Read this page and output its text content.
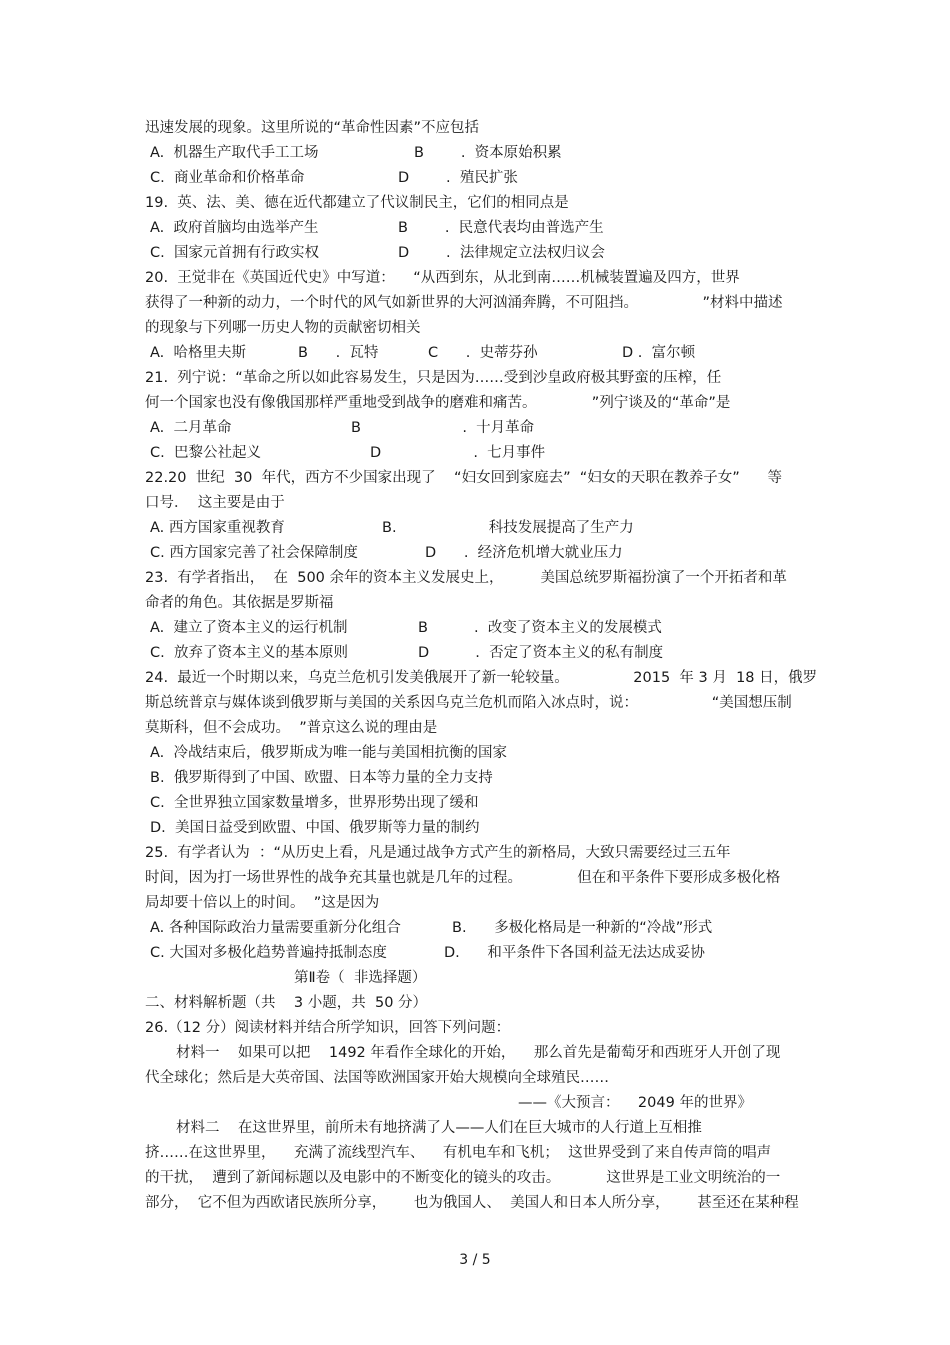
迅速发展的现象。这里所说的“革命性因素”不应包括
A.  机器生产取代手工工场	B        .  资本原始积累
C.  商业革命和价格革命	D        .  殖民扩张
19.  英、法、美、德在近代都建立了代议制民主，它们的相同点是
A.  政府首脑均由选举产生	B        .  民意代表均由普选产生
C.  国家元首拥有行政实权	D        .  法律规定立法权归议会
20.  王觉非在《英国近代史》中写道：    “从西到东，从北到南……机械装置遍及四方，世界
获得了一种新的动力，一个时代的风气如新世界的大河汹涌奔腾，不可阻挡。              ”材料中描述
的现象与下列哪一历史人物的贡献密切相关
A.  哈格里夫斯	B      .  瓦特	C      .  史蒂芬孙	D .  富尔顿
21.  列宁说：“革命之所以如此容易发生，只是因为……受到沙皇政府极其野蛮的压榨，任
何一个国家也没有像俄国那样严重地受到战争的磨难和痛苦。            ”列宁谈及的“革命”是
A.  二月革命	B                      .  十月革命
C.  巴黎公社起义	D                    .  七月事件
22.20  世纪  30  年代，西方不少国家出现了    “妇女回到家庭去”  “妇女的天职在教养子女”      等
口号．  这主要是由于
A. 西方国家重视教育	B.                    科技发展提高了生产力
C. 西方国家完善了社会保障制度	D      .  经济危机增大就业压力
23.  有学者指出，  在  500 余年的资本主义发展史上，        美国总统罗斯福扮演了一个开拓者和革
命者的角色。其依据是罗斯福
A.  建立了资本主义的运行机制	B          .  改变了资本主义的发展模式
C.  放弃了资本主义的基本原则	D          .  否定了资本主义的私有制度
24.  最近一个时期以来，乌克兰危机引发美俄展开了新一轮较量。              2015  年 3 月  18 日，俄罗
斯总统普京与媒体谈到俄罗斯与美国的关系因乌克兰危机而陷入冰点时，说：                “美国想压制
莫斯科，但不会成功。  ”普京这么说的理由是
A.  冷战结束后，俄罗斯成为唯一能与美国相抗衡的国家
B.  俄罗斯得到了中国、欧盟、日本等力量的全力支持
C.  全世界独立国家数量增多，世界形势出现了缓和
D.  美国日益受到欧盟、中国、俄罗斯等力量的制约
25.  有学者认为  ：“从历史上看，凡是通过战争方式产生的新格局，大致只需要经过三五年
时间，因为打一场世界性的战争充其量也就是几年的过程。            但在和平条件下要形成多极化格
局却要十倍以上的时间。  ”这是因为
A. 各种国际政治力量需要重新分化组合	B.      多极化格局是一种新的“冷战”形式
C. 大国对多极化趋势普遍持抵制态度	D.      和平条件下各国利益无法达成妥协
第Ⅱ卷（  非选择题）
二、材料解析题（共    3 小题，共  50 分）
26.（12 分）阅读材料并结合所学知识，回答下列问题：
材料一    如果可以把    1492 年看作全球化的开始，    那么首先是葡萄牙和西班牙人开创了现
代全球化；然后是大英帝国、法国等欧洲国家开始大规模向全球殖民……
——《大预言：    2049 年的世界》
材料二    在这世界里，前所未有地挤满了人——人们在巨大城市的人行道上互相推
挤……在这世界里，    充满了流线型汽车、    有机电车和飞机；  这世界受到了来自传声筒的唱声
的干扰，  遭到了新闻标题以及电影中的不断变化的镜头的攻击。          这世界是工业文明统治的一
部分，  它不但为西欧诸民族所分享，      也为俄国人、  美国人和日本人所分享，      甚至还在某种程
3 / 5
